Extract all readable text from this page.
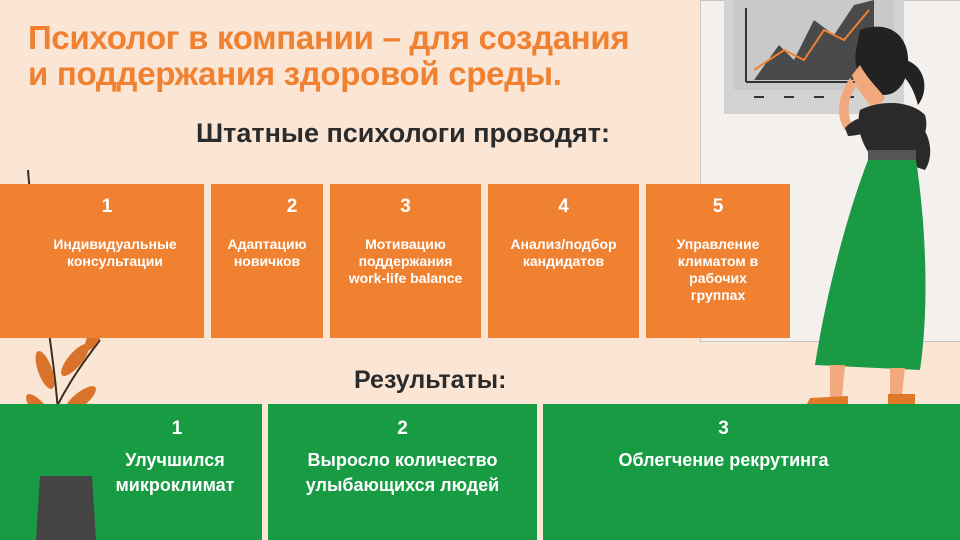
Психолог в компании – для создания
и поддержания здоровой среды.
Штатные психологи проводят:
1
Индивидуальные консультации
2
Адаптацию новичков
3
Мотивацию поддержания work-life balance
4
Анализ/подбор кандидатов
5
Управление климатом в рабочих группах
Результаты:
1
Улучшился микроклимат
2
Выросло количество улыбающихся людей
3
Облегчение рекрутинга
